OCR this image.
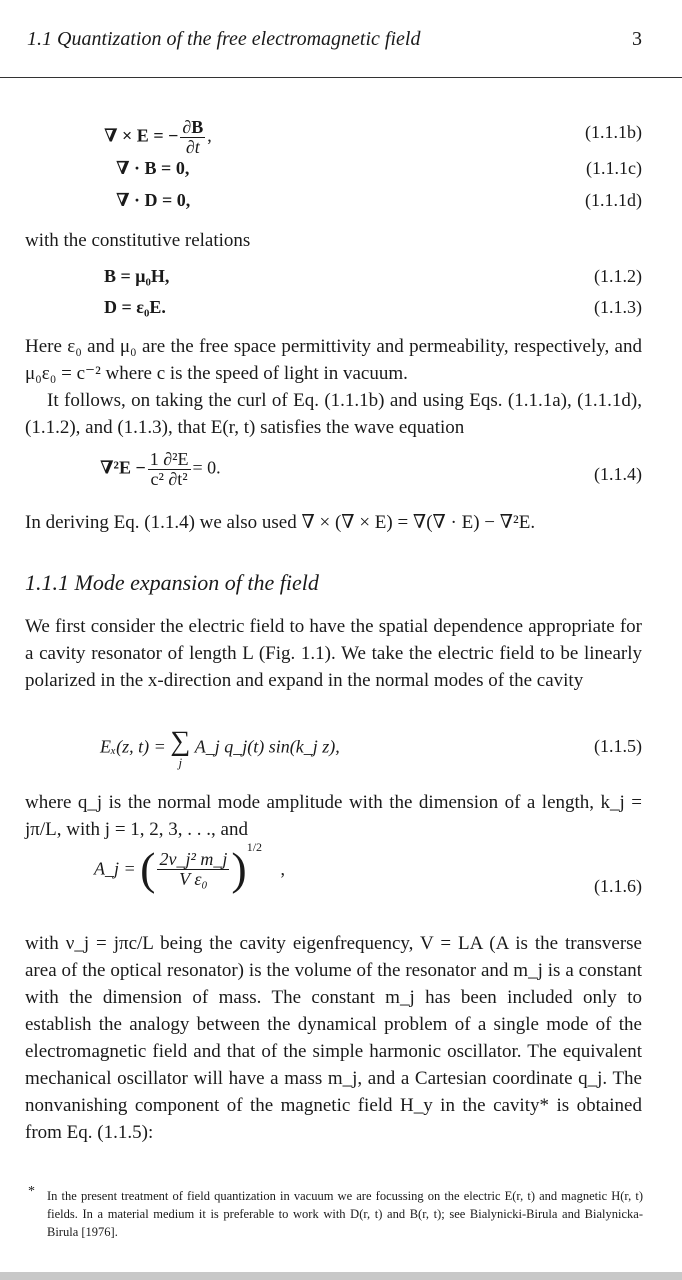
1.1 Quantization of the free electromagnetic field	3
∇ × E = − $\frac{\partial B}{\partial t}$ ,	(1.1.1b)
∇ · B = 0,	(1.1.1c)
∇ · D = 0,	(1.1.1d)
with the constitutive relations
B = μ₀H,	(1.1.2)
D = ε₀E.	(1.1.3)
Here ε₀ and μ₀ are the free space permittivity and permeability, respectively, and μ₀ε₀ = c⁻² where c is the speed of light in vacuum.
It follows, on taking the curl of Eq. (1.1.1b) and using Eqs. (1.1.1a), (1.1.1d), (1.1.2), and (1.1.3), that E(r, t) satisfies the wave equation
$\nabla^2E - \frac{\text{1 ∂²E}}{\text{c² ∂t²}} = 0$.	(1.1.4)
In deriving Eq. (1.1.4) we also used ∇ × (∇ × E) = ∇(∇ · E) − ∇²E.
1.1.1 Mode expansion of the field
We first consider the electric field to have the spatial dependence appropriate for a cavity resonator of length L (Fig. 1.1). We take the electric field to be linearly polarized in the x-direction and expand in the normal modes of the cavity
Eₓ(z, t) = ∑
j
A_j q_j(t) sin(k_j z),	(1.1.5)
where q_j is the normal mode amplitude with the dimension of a length, k_j = jπ/L, with j = 1, 2, 3, . . ., and
A_j = ( $\frac{\text{2ν\_j² m\_j}}{\text{V ε₀}} )^{1/2}$ ,
(1.1.6)
with ν_j = jπc/L being the cavity eigenfrequency, V = LA (A is the transverse area of the optical resonator) is the volume of the resonator and m_j is a constant with the dimension of mass. The constant m_j has been included only to establish the analogy between the dynamical problem of a single mode of the electromagnetic field and that of the simple harmonic oscillator. The equivalent mechanical oscillator will have a mass m_j, and a Cartesian coordinate q_j. The nonvanishing component of the magnetic field H_y in the cavity* is obtained from Eq. (1.1.5):
* In the present treatment of field quantization in vacuum we are focussing on the electric E(r, t) and magnetic H(r, t) fields. In a material medium it is preferable to work with D(r, t) and B(r, t); see Bialynicki-Birula and Bialynicka-Birula [1976].
